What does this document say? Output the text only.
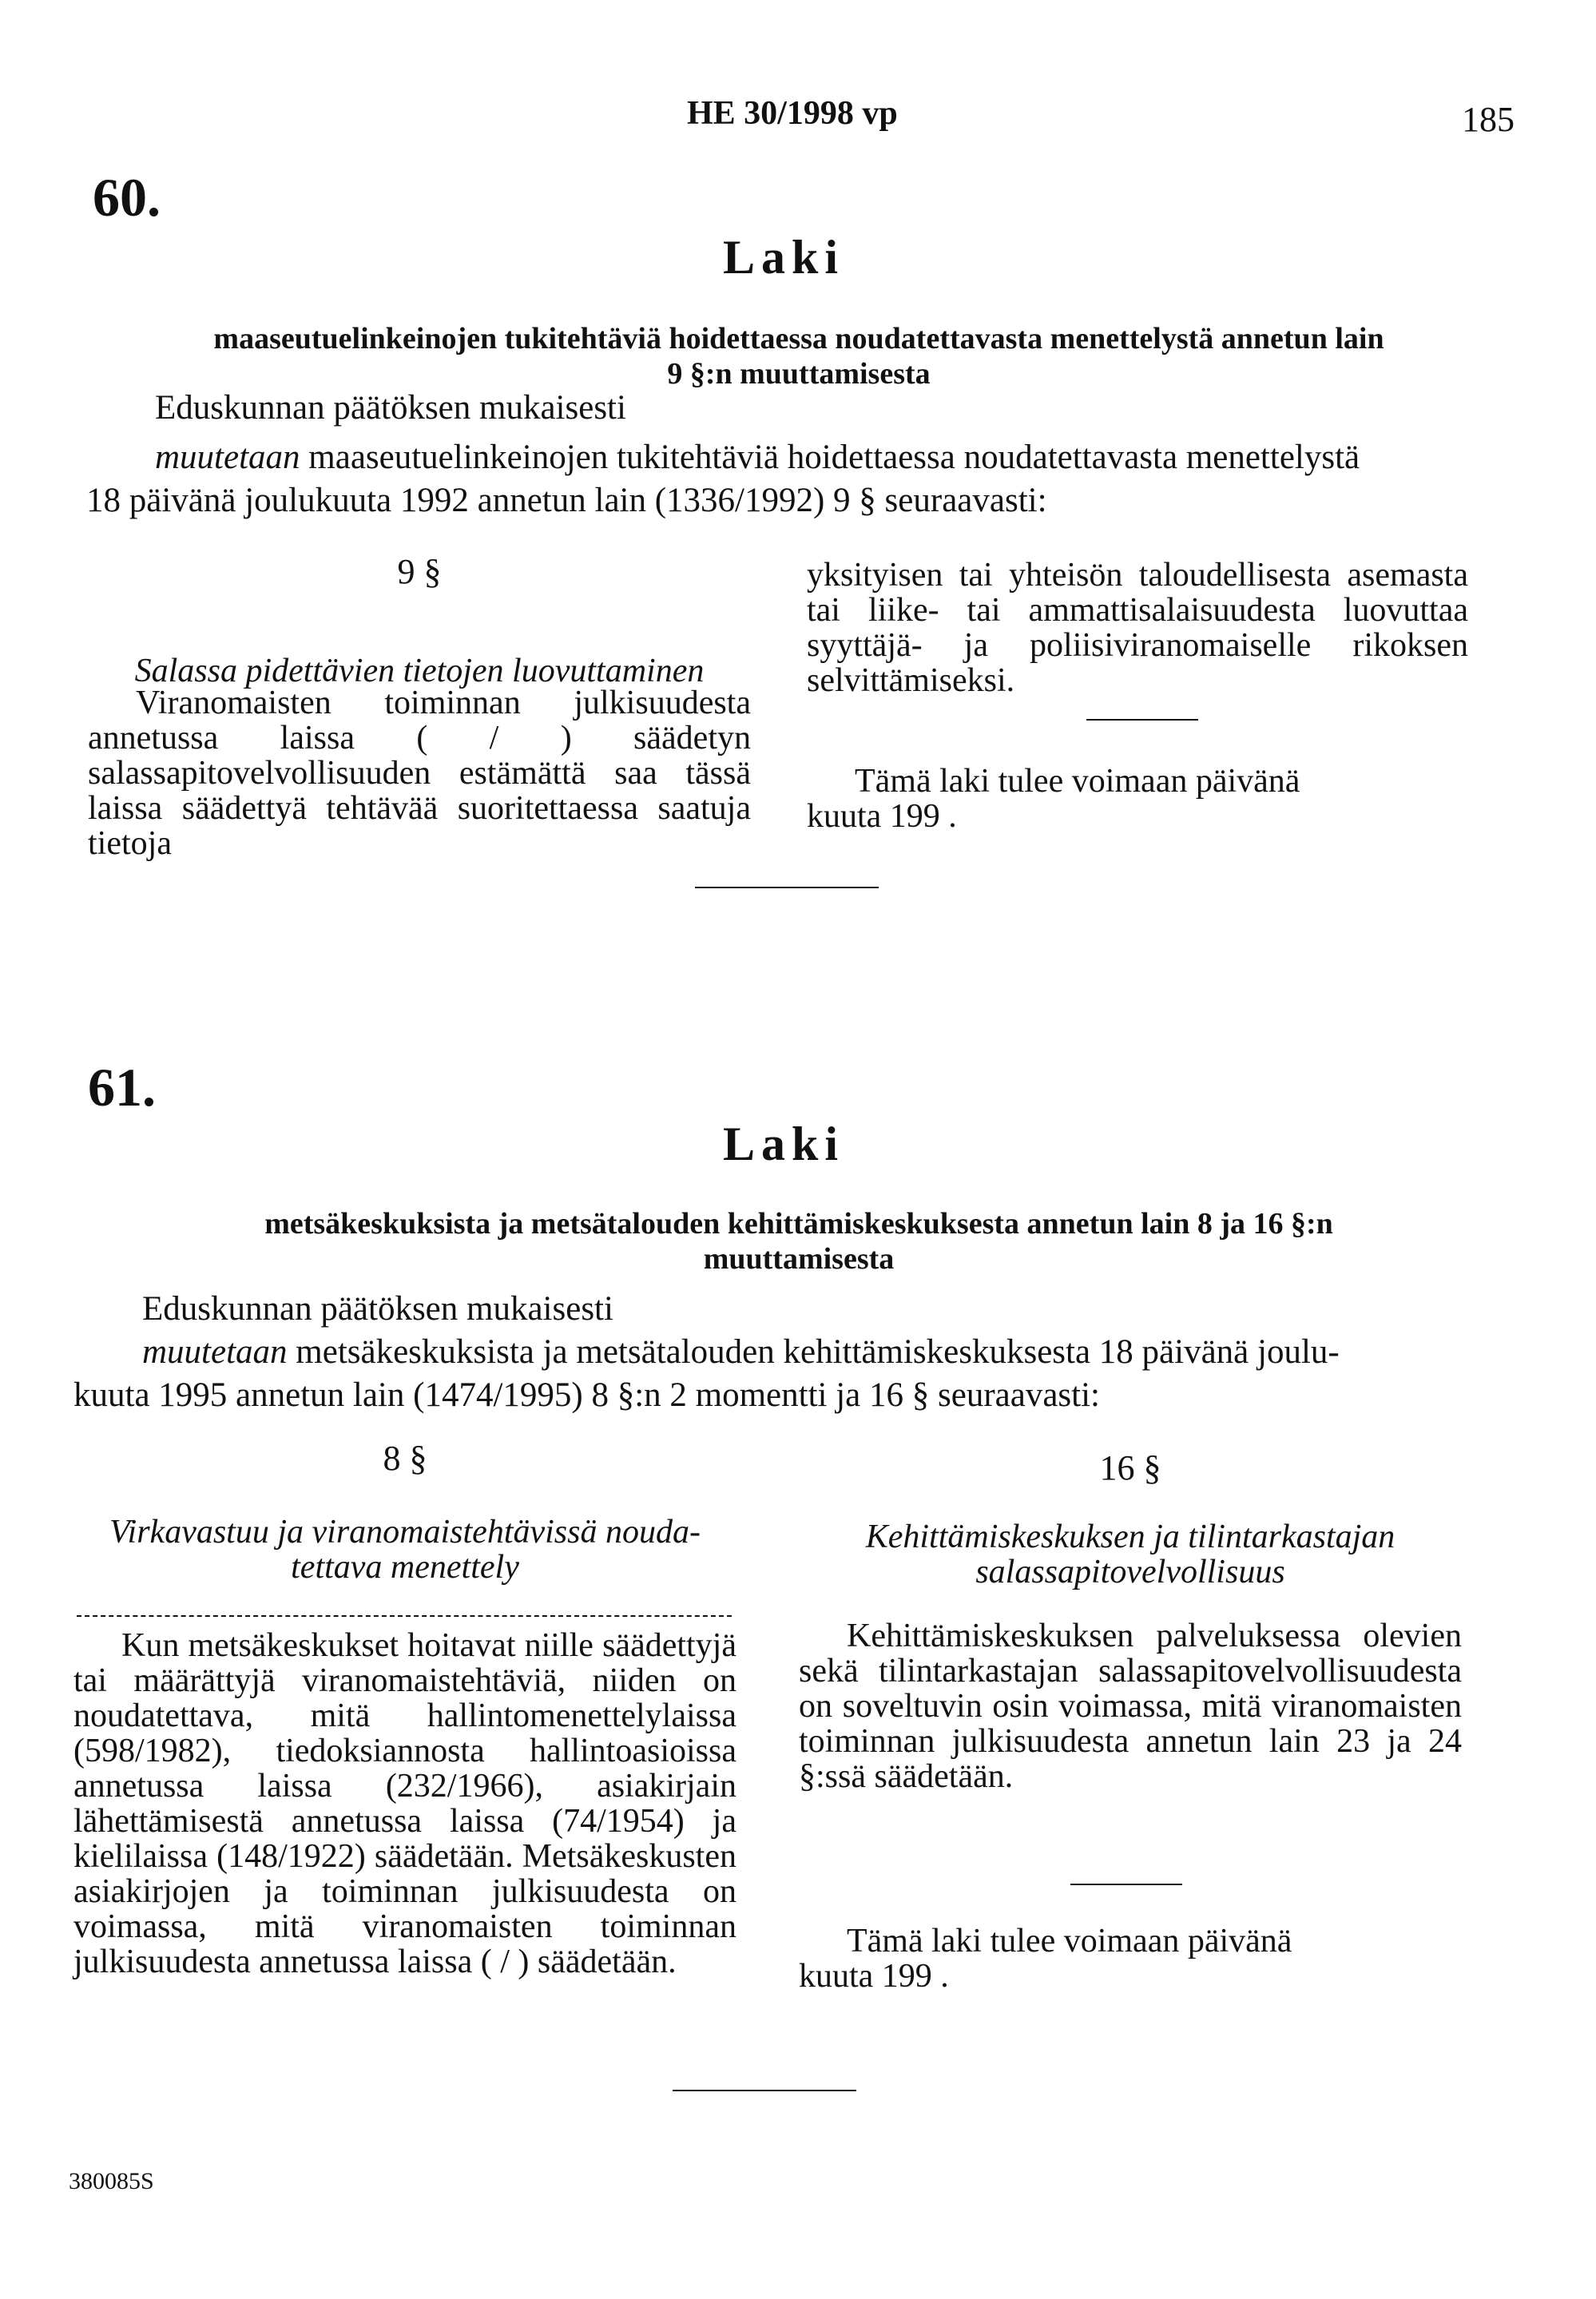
HE 30/1998 vp	185
60.
Laki
maaseutuelinkeinojen tukitehtäviä hoidettaessa noudatettavasta menettelystä annetun lain
9 §:n muuttamisesta
Eduskunnan päätöksen mukaisesti
muutetaan maaseutuelinkeinojen tukitehtäviä hoidettaessa noudatettavasta menettelystä
18 päivänä joulukuuta 1992 annetun lain (1336/1992) 9 § seuraavasti:
9 §
Salassa pidettävien tietojen luovuttaminen
Viranomaisten toiminnan julkisuudesta annetussa laissa ( / ) säädetyn salassapitovelvollisuuden estämättä saa tässä laissa säädettyä tehtävää suoritettaessa saatuja tietoja
yksityisen tai yhteisön taloudellisesta asemasta tai liike- tai ammattisalaisuudesta luovuttaa syyttäjä- ja poliisiviranomaiselle rikoksen selvittämiseksi.
Tämä laki tulee voimaan päivänä
kuuta 199 .
61.
Laki
metsäkeskuksista ja metsätalouden kehittämiskeskuksesta annetun lain 8 ja 16 §:n
muuttamisesta
Eduskunnan päätöksen mukaisesti
muutetaan metsäkeskuksista ja metsätalouden kehittämiskeskuksesta 18 päivänä joulu-
kuuta 1995 annetun lain (1474/1995) 8 §:n 2 momentti ja 16 § seuraavasti:
8 §
Virkavastuu ja viranomaistehtävissä nouda-
tettava menettely
Kun metsäkeskukset hoitavat niille säädettyjä tai määrättyjä viranomaistehtäviä, niiden on noudatettava, mitä hallintomenettelylaissa (598/1982), tiedoksiannosta hallintoasioissa annetussa laissa (232/1966), asiakirjain lähettämisestä annetussa laissa (74/1954) ja kielilaissa (148/1922) säädetään. Metsäkeskusten asiakirjojen ja toiminnan julkisuudesta on voimassa, mitä viranomaisten toiminnan julkisuudesta annetussa laissa ( / ) säädetään.
16 §
Kehittämiskeskuksen ja tilintarkastajan
salassapitovelvollisuus
Kehittämiskeskuksen palveluksessa olevien sekä tilintarkastajan salassapitovelvollisuudesta on soveltuvin osin voimassa, mitä viranomaisten toiminnan julkisuudesta annetun lain 23 ja 24 §:ssä säädetään.
Tämä laki tulee voimaan päivänä
kuuta 199 .
380085S
